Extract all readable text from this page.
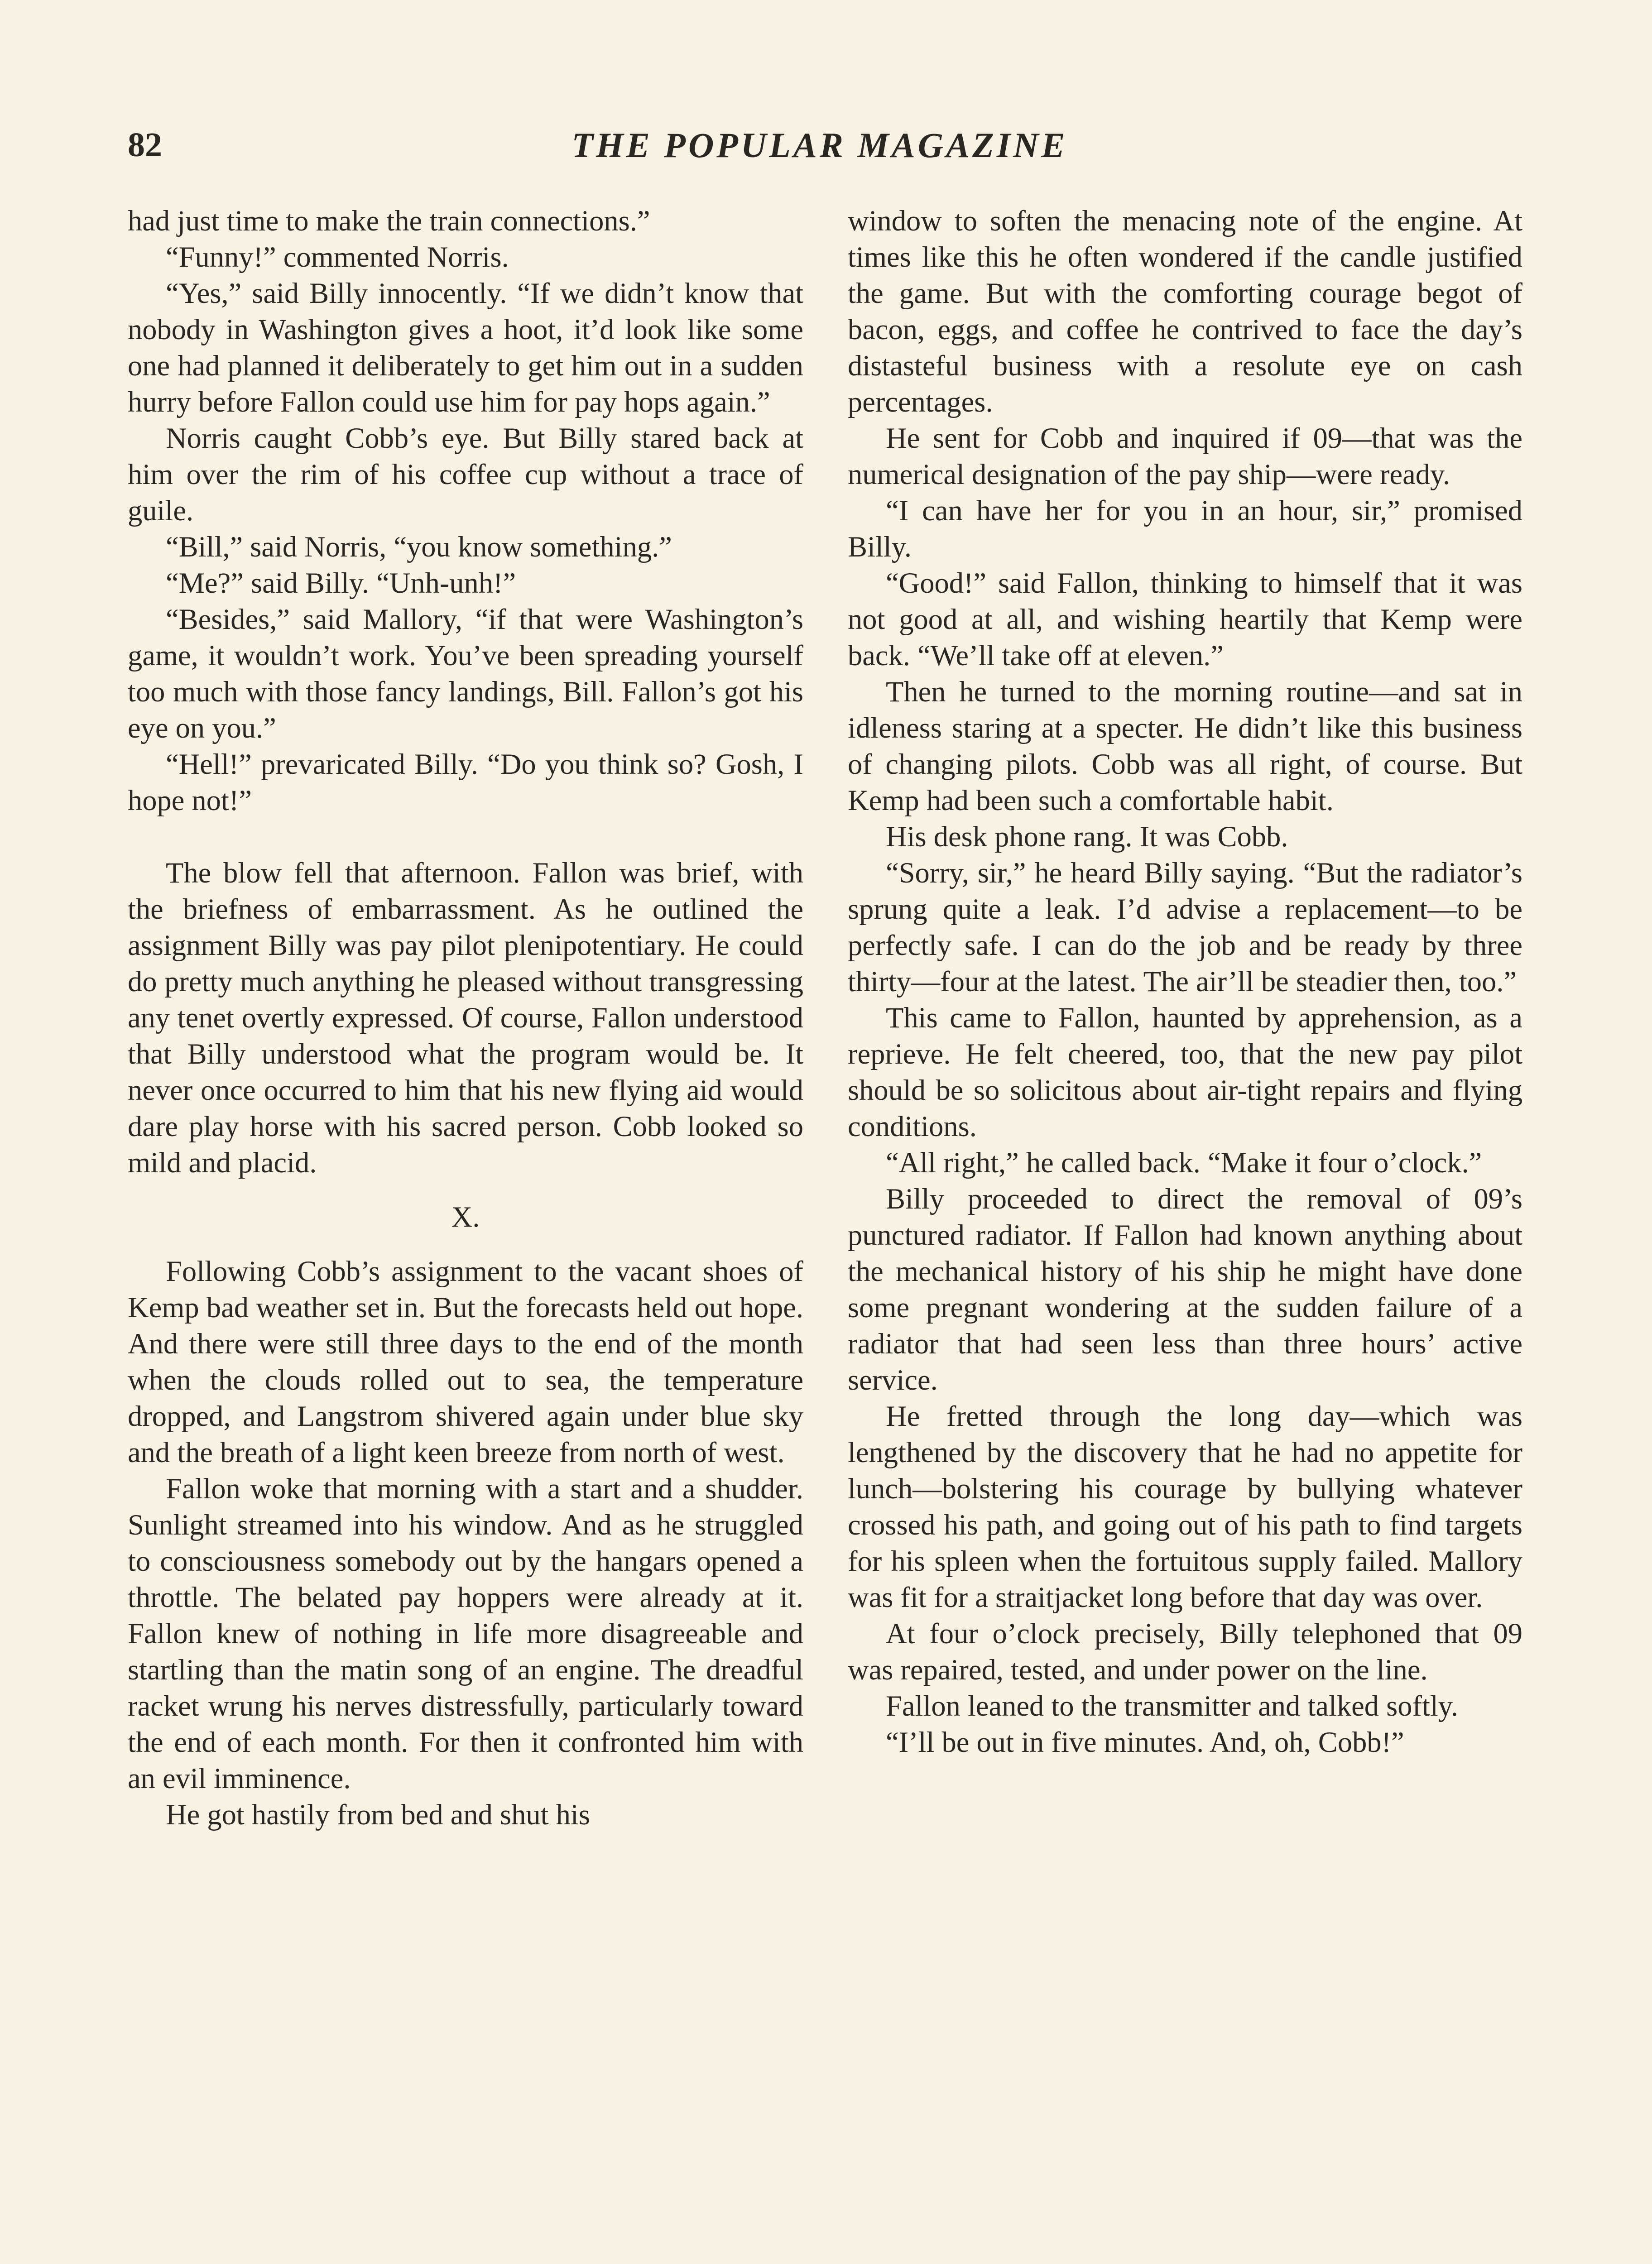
82	THE POPULAR MAGAZINE

had just time to make the train connections.”

“Funny!” commented Norris.

“Yes,” said Billy innocently. “If we didn’t know that nobody in Washington gives a hoot, it’d look like some one had planned it deliberately to get him out in a sudden hurry before Fallon could use him for pay hops again.”

Norris caught Cobb’s eye. But Billy stared back at him over the rim of his coffee cup without a trace of guile.

“Bill,” said Norris, “you know something.”

“Me?” said Billy. “Unh-unh!”

“Besides,” said Mallory, “if that were Washington’s game, it wouldn’t work. You’ve been spreading yourself too much with those fancy landings, Bill. Fallon’s got his eye on you.”

“Hell!” prevaricated Billy. “Do you think so? Gosh, I hope not!”

The blow fell that afternoon. Fallon was brief, with the briefness of embarrassment. As he outlined the assignment Billy was pay pilot plenipotentiary. He could do pretty much anything he pleased without transgressing any tenet overtly expressed. Of course, Fallon understood that Billy understood what the program would be. It never once occurred to him that his new flying aid would dare play horse with his sacred person. Cobb looked so mild and placid.

X.

Following Cobb’s assignment to the vacant shoes of Kemp bad weather set in. But the forecasts held out hope. And there were still three days to the end of the month when the clouds rolled out to sea, the temperature dropped, and Langstrom shivered again under blue sky and the breath of a light keen breeze from north of west.

Fallon woke that morning with a start and a shudder. Sunlight streamed into his window. And as he struggled to consciousness somebody out by the hangars opened a throttle. The belated pay hoppers were already at it. Fallon knew of nothing in life more disagreeable and startling than the matin song of an engine. The dreadful racket wrung his nerves distressfully, particularly toward the end of each month. For then it confronted him with an evil imminence.

He got hastily from bed and shut his

window to soften the menacing note of the engine. At times like this he often wondered if the candle justified the game. But with the comforting courage begot of bacon, eggs, and coffee he contrived to face the day’s distasteful business with a resolute eye on cash percentages.

He sent for Cobb and inquired if 09—that was the numerical designation of the pay ship—were ready.

“I can have her for you in an hour, sir,” promised Billy.

“Good!” said Fallon, thinking to himself that it was not good at all, and wishing heartily that Kemp were back. “We’ll take off at eleven.”

Then he turned to the morning routine—and sat in idleness staring at a specter. He didn’t like this business of changing pilots. Cobb was all right, of course. But Kemp had been such a comfortable habit.

His desk phone rang. It was Cobb.

“Sorry, sir,” he heard Billy saying. “But the radiator’s sprung quite a leak. I’d advise a replacement—to be perfectly safe. I can do the job and be ready by three thirty—four at the latest. The air’ll be steadier then, too.”

This came to Fallon, haunted by apprehension, as a reprieve. He felt cheered, too, that the new pay pilot should be so solicitous about air-tight repairs and flying conditions.

“All right,” he called back. “Make it four o’clock.”

Billy proceeded to direct the removal of 09’s punctured radiator. If Fallon had known anything about the mechanical history of his ship he might have done some pregnant wondering at the sudden failure of a radiator that had seen less than three hours’ active service.

He fretted through the long day—which was lengthened by the discovery that he had no appetite for lunch—bolstering his courage by bullying whatever crossed his path, and going out of his path to find targets for his spleen when the fortuitous supply failed. Mallory was fit for a straitjacket long before that day was over.

At four o’clock precisely, Billy telephoned that 09 was repaired, tested, and under power on the line.

Fallon leaned to the transmitter and talked softly.

“I’ll be out in five minutes. And, oh, Cobb!”
